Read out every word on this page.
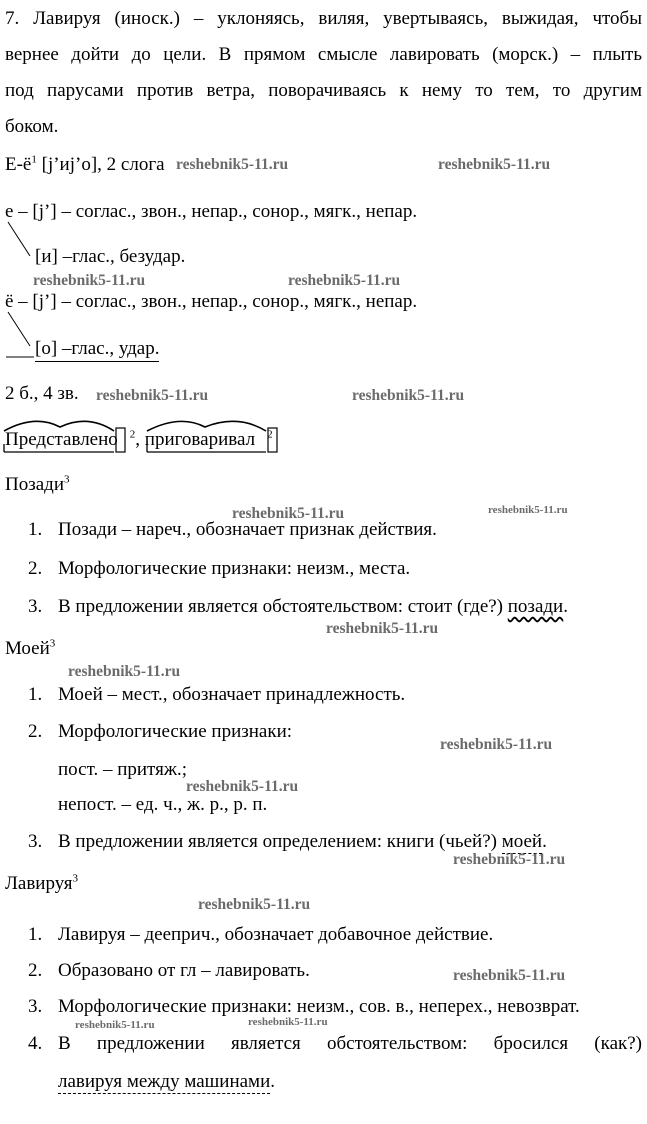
7. Лавируя (иноск.) – уклоняясь, виляя, увертываясь, выжидая, чтобы
вернее дойти до цели. В прямом смысле лавировать (морск.) – плыть
под парусами против ветра, поворачиваясь к нему то тем, то другим
боком.
$Е-ё^1$ [j’иj’о], 2 слога
е – [j’] – соглас., звон., непар., сонор., мягк., непар.
[и] –глас., безудар.
ё – [j’] – соглас., звон., непар., сонор., мягк., непар.
[о] –глас., удар.
2 б., 4 зв.
Представлено $^2$, приговаривал $^2$
Позади$^3$
1. Позади – нареч., обозначает признак действия.
2. Морфологические признаки: неизм., места.
3. В предложении является обстоятельством: стоит (где?) позади.
Моей$^3$
1. Моей – мест., обозначает принадлежность.
2. Морфологические признаки:
пост. – притяж.;
непост. – ед. ч., ж. р., р. п.
3. В предложении является определением: книги (чьей?) моей.
Лавируя$^3$
1. Лавируя – дееприч., обозначает добавочное действие.
2. Образовано от гл – лавировать.
3. Морфологические признаки: неизм., сов. в., неперех., невозврат.
4. В предложении является обстоятельством: бросился (как?)
лавируя между машинами.
reshebnik5-11.ru	reshebnik5-11.ru
reshebnik5-11.ru	reshebnik5-11.ru
reshebnik5-11.ru	reshebnik5-11.ru
reshebnik5-11.ru	reshebnik5-11.ru
reshebnik5-11.ru
reshebnik5-11.ru
reshebnik5-11.ru
reshebnik5-11.ru
reshebnik5-11.ru
reshebnik5-11.ru
reshebnik5-11.ru
reshebnik5-11.ru	reshebnik5-11.ru
